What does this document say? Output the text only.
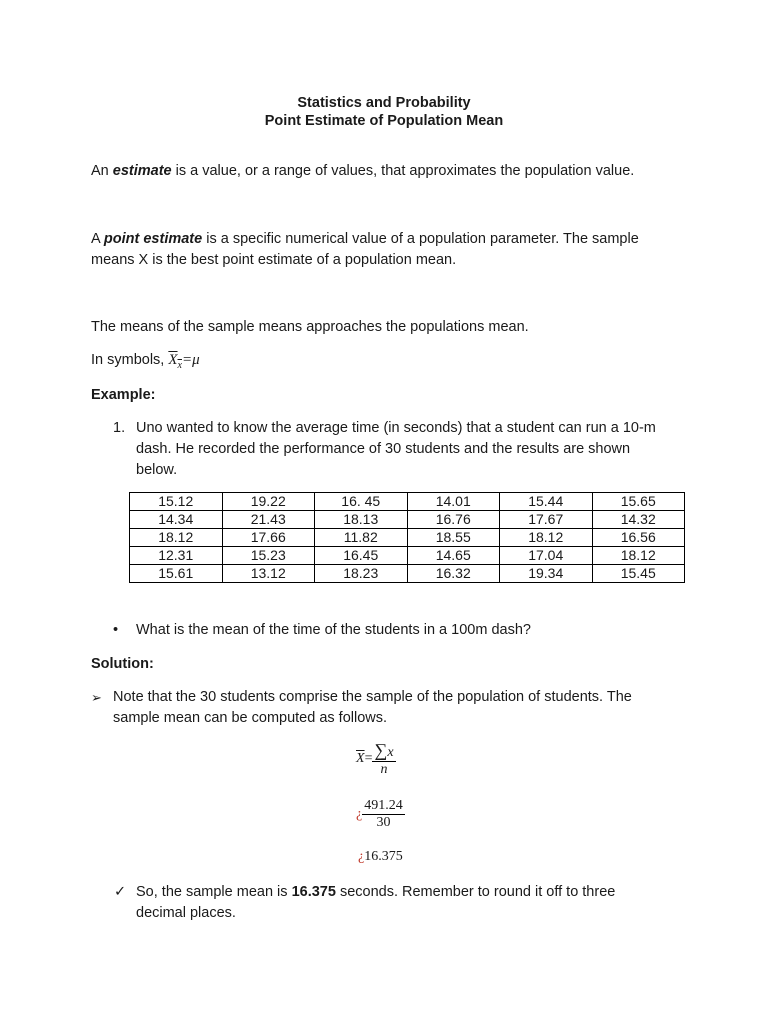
Statistics and Probability
Point Estimate of Population Mean
An estimate is a value, or a range of values, that approximates the population value.
A point estimate is a specific numerical value of a population parameter. The sample
means X is the best point estimate of a population mean.
The means of the sample means approaches the populations mean.
In symbols, $\overline{X}_{\overline{x}}=\mu$
Example:
1. Uno wanted to know the average time (in seconds) that a student can run a 10-m
dash. He recorded the performance of 30 students and the results are shown
below.
15.12	19.22	16. 45	14.01	15.44	15.65
14.34	21.43	18.13	16.76	17.67	14.32
18.12	17.66	11.82	18.55	18.12	16.56
12.31	15.23	16.45	14.65	17.04	18.12
15.61	13.12	18.23	16.32	19.34	15.45
• What is the mean of the time of the students in a 100m dash?
Solution:
➢ Note that the 30 students comprise the sample of the population of students. The
sample mean can be computed as follows.
$\overline{X}= \frac{\sum x}{n}$
¿ $\frac{491.24}{30}$
¿16.375
✓ So, the sample mean is 16.375 seconds. Remember to round it off to three
decimal places.
